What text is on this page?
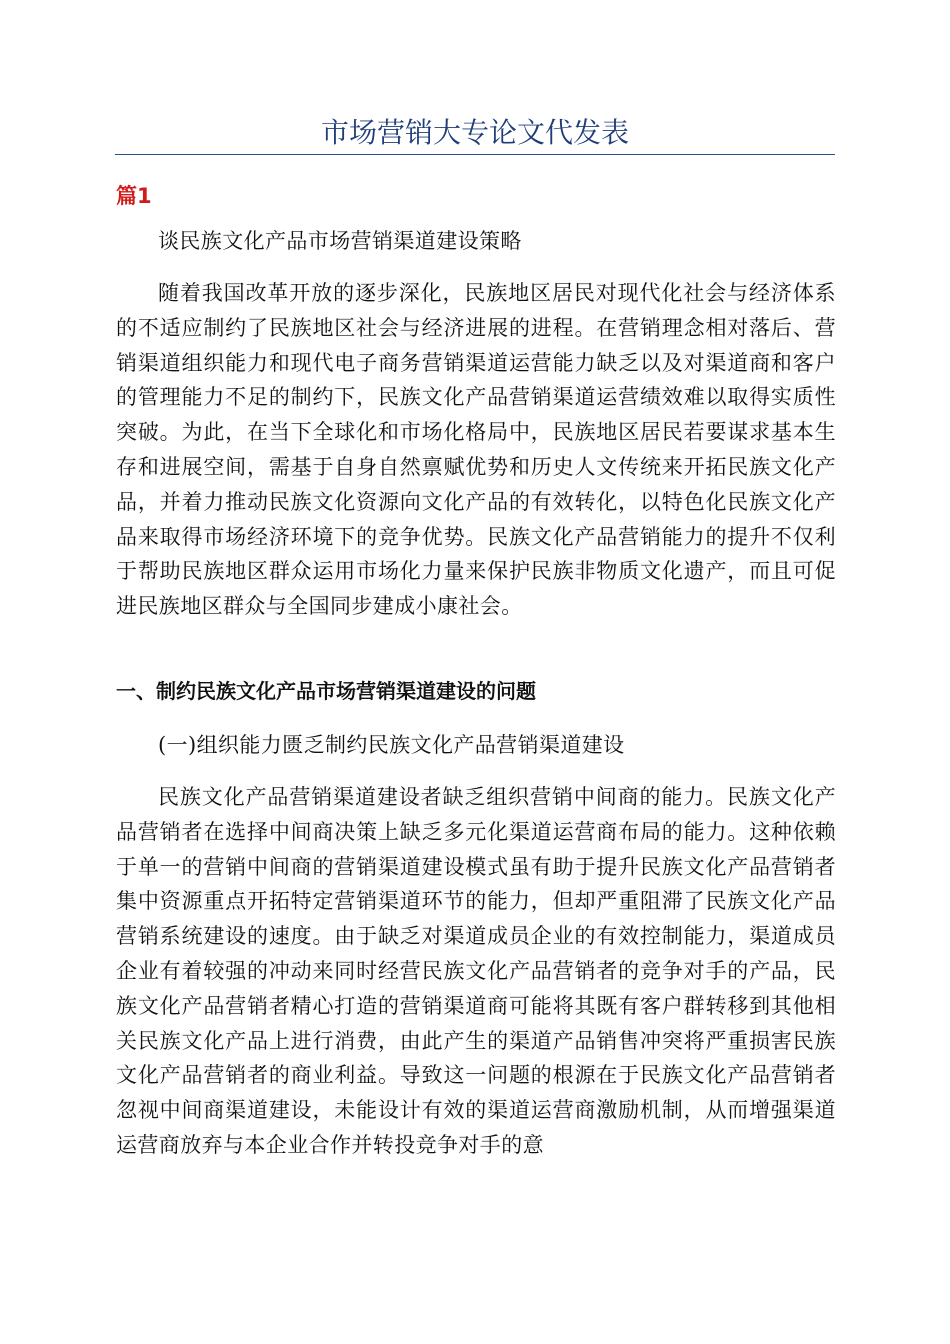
市场营销大专论文代发表

篇1

谈民族文化产品市场营销渠道建设策略

随着我国改革开放的逐步深化，民族地区居民对现代化社会与经济体系的不适应制约了民族地区社会与经济进展的进程。在营销理念相对落后、营销渠道组织能力和现代电子商务营销渠道运营能力缺乏以及对渠道商和客户的管理能力不足的制约下，民族文化产品营销渠道运营绩效难以取得实质性突破。为此，在当下全球化和市场化格局中，民族地区居民若要谋求基本生存和进展空间，需基于自身自然禀赋优势和历史人文传统来开拓民族文化产品，并着力推动民族文化资源向文化产品的有效转化，以特色化民族文化产品来取得市场经济环境下的竞争优势。民族文化产品营销能力的提升不仅利于帮助民族地区群众运用市场化力量来保护民族非物质文化遗产，而且可促进民族地区群众与全国同步建成小康社会。

一、制约民族文化产品市场营销渠道建设的问题

(一)组织能力匮乏制约民族文化产品营销渠道建设

民族文化产品营销渠道建设者缺乏组织营销中间商的能力。民族文化产品营销者在选择中间商决策上缺乏多元化渠道运营商布局的能力。这种依赖于单一的营销中间商的营销渠道建设模式虽有助于提升民族文化产品营销者集中资源重点开拓特定营销渠道环节的能力，但却严重阻滞了民族文化产品营销系统建设的速度。由于缺乏对渠道成员企业的有效控制能力，渠道成员企业有着较强的冲动来同时经营民族文化产品营销者的竞争对手的产品，民族文化产品营销者精心打造的营销渠道商可能将其既有客户群转移到其他相关民族文化产品上进行消费，由此产生的渠道产品销售冲突将严重损害民族文化产品营销者的商业利益。导致这一问题的根源在于民族文化产品营销者忽视中间商渠道建设，未能设计有效的渠道运营商激励机制，从而增强渠道运营商放弃与本企业合作并转投竞争对手的意
